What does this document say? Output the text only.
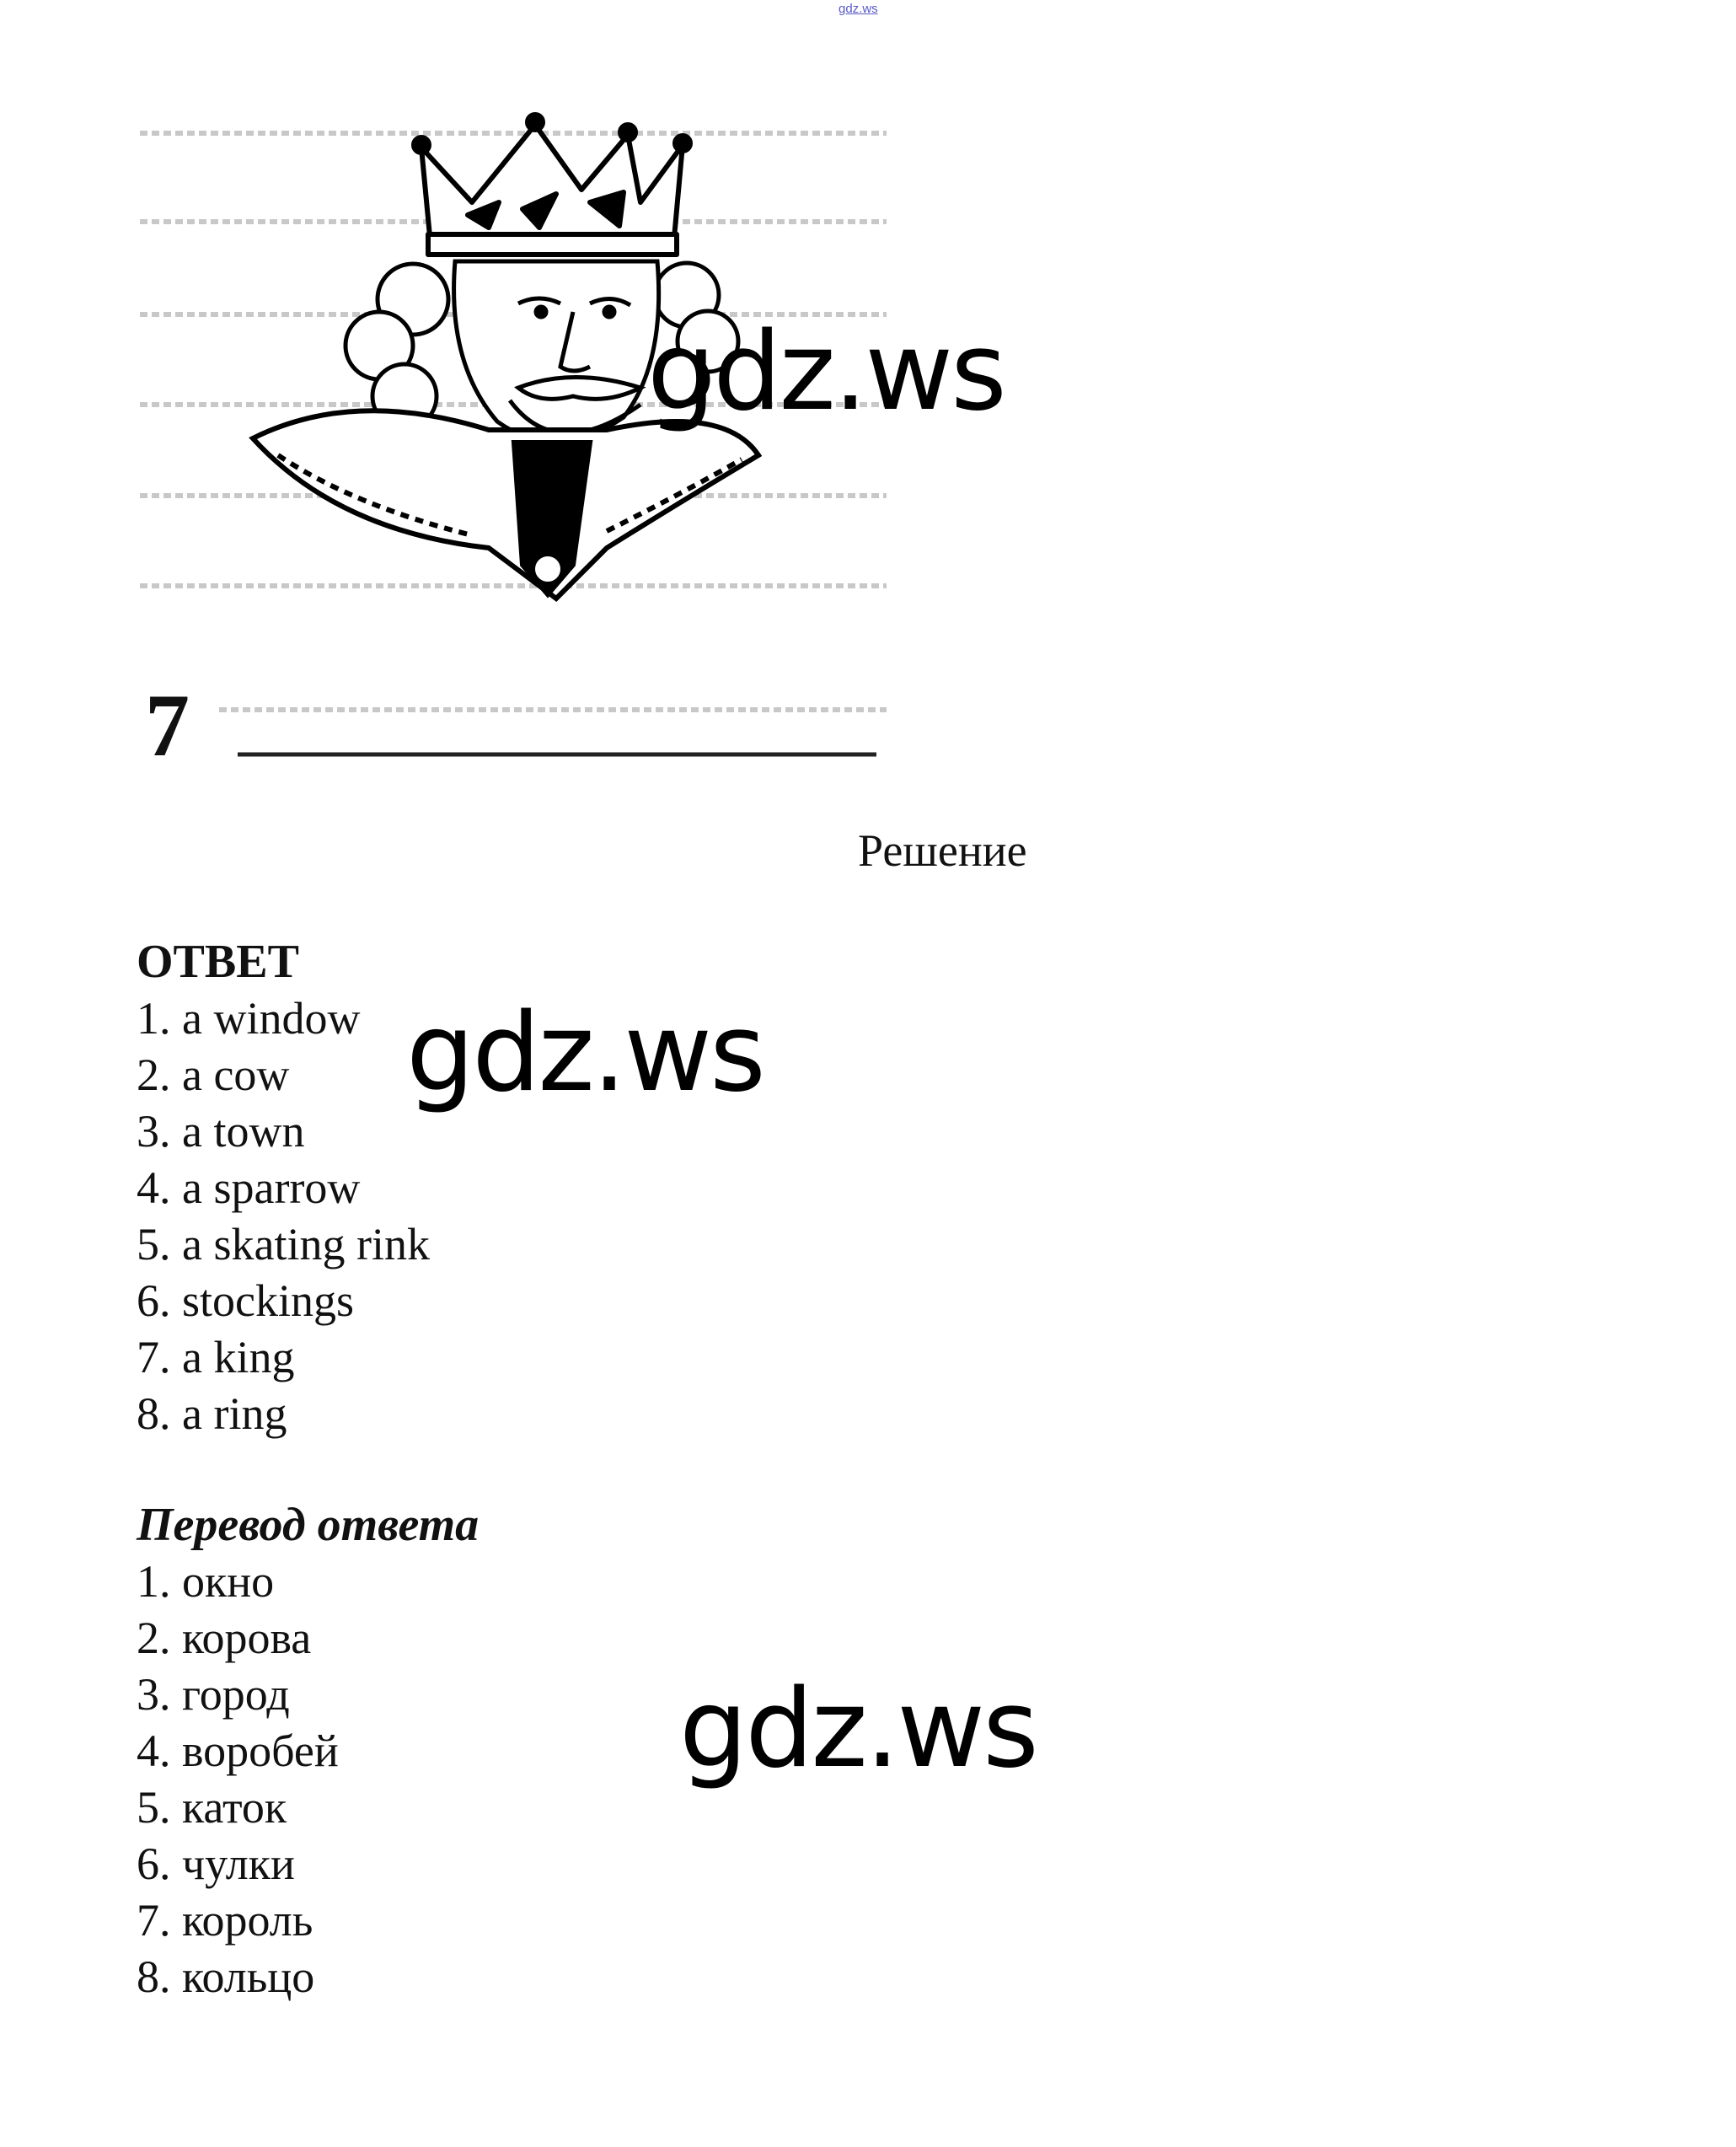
gdz.ws
7
Решение

ОТВЕТ

1. a window
2. a cow
3. a town
4. a sparrow
5. a skating rink
6. stockings
7. a king
8. a ring

Перевод ответа

1. окно
2. корова
3. город
4. воробей
5. каток
6. чулки
7. король
8. кольцо
gdz.ws
gdz.ws
gdz.ws
